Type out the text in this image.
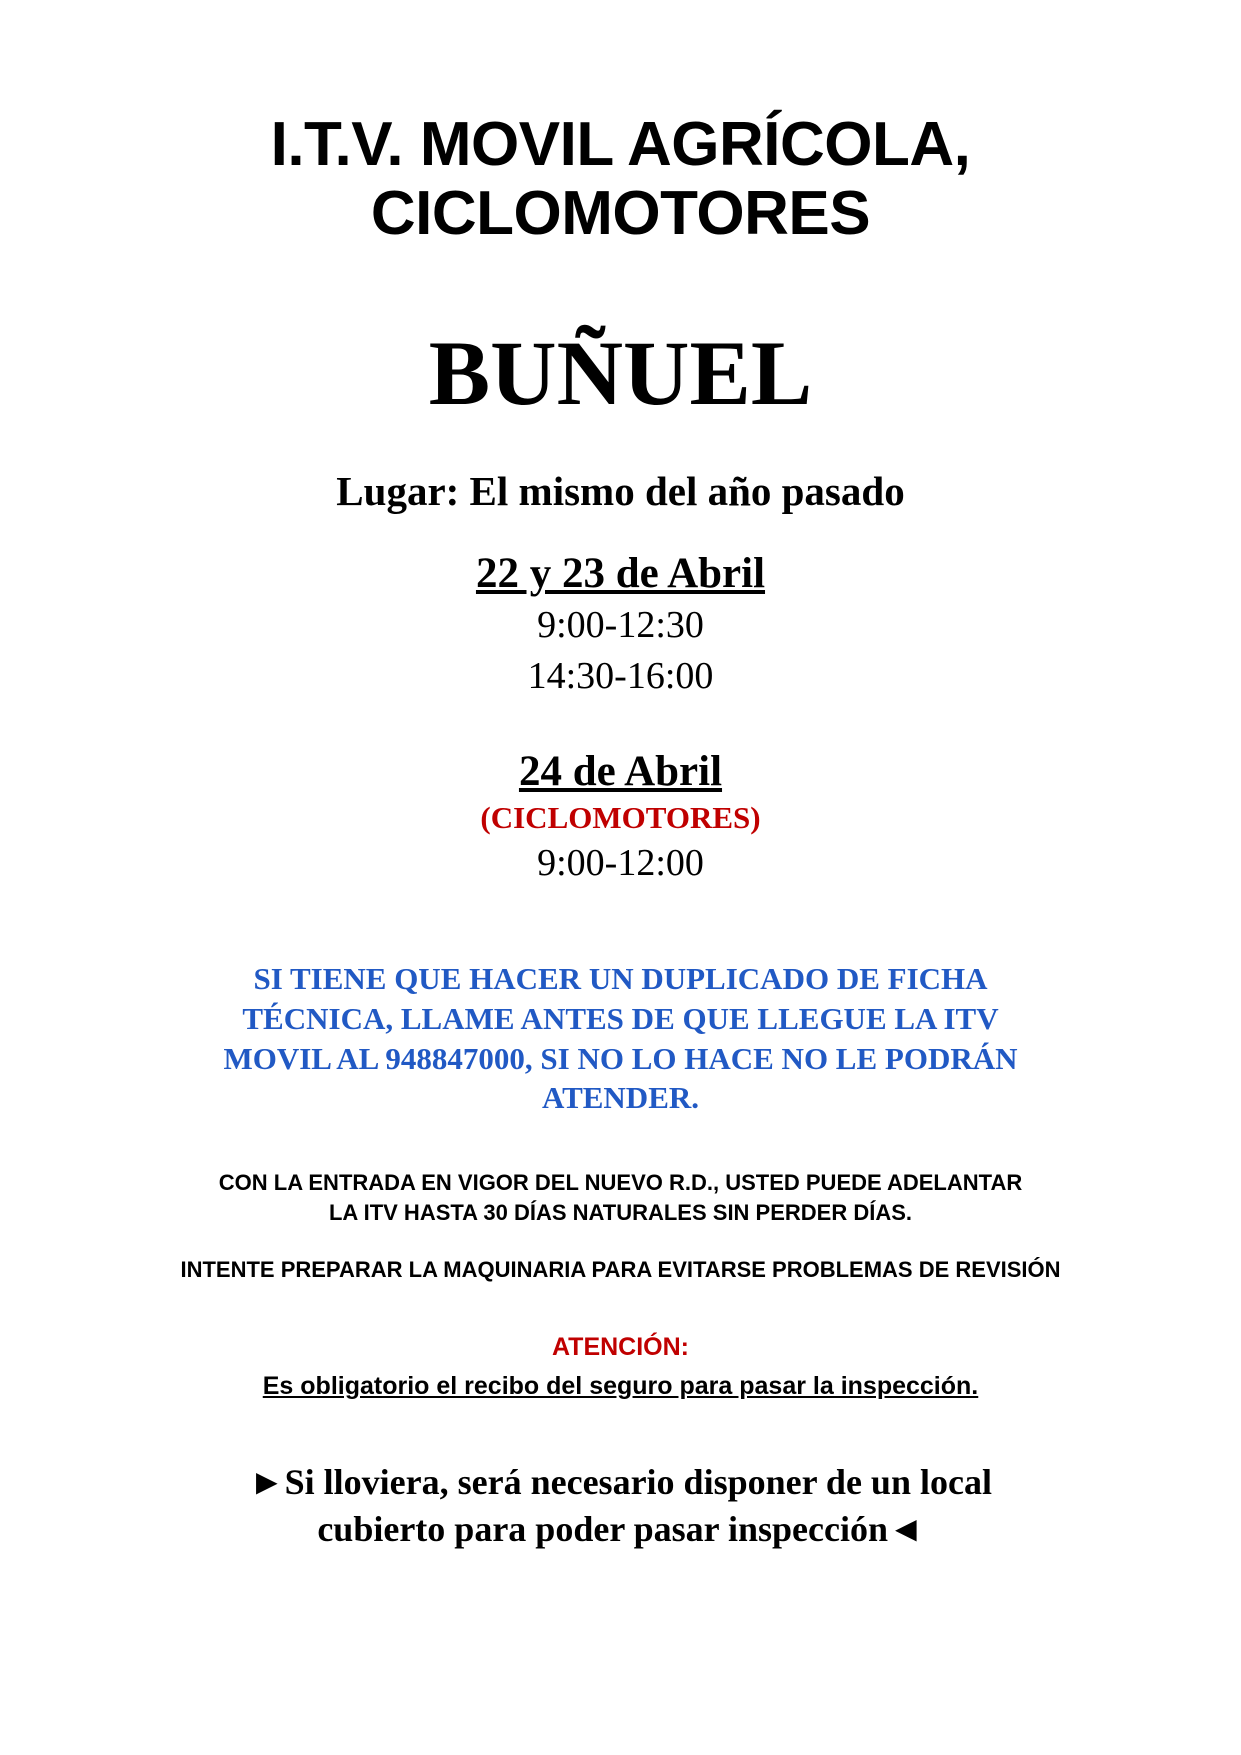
I.T.V. MOVIL AGRÍCOLA,
CICLOMOTORES
BUÑUEL
Lugar: El mismo del año pasado
22 y 23 de Abril
9:00-12:30
14:30-16:00
24 de Abril
(CICLOMOTORES)
9:00-12:00
SI TIENE QUE HACER UN DUPLICADO DE FICHA TÉCNICA, LLAME ANTES DE QUE LLEGUE LA ITV MOVIL AL 948847000, SI NO LO HACE NO LE PODRÁN ATENDER.
CON LA ENTRADA EN VIGOR DEL NUEVO R.D., USTED PUEDE ADELANTAR LA ITV HASTA 30 DÍAS NATURALES SIN PERDER DÍAS.
INTENTE PREPARAR LA MAQUINARIA PARA EVITARSE PROBLEMAS DE REVISIÓN
ATENCIÓN:
Es obligatorio el recibo del seguro para pasar la inspección.
►Si lloviera, será necesario disponer de un local cubierto para poder pasar inspección◄
